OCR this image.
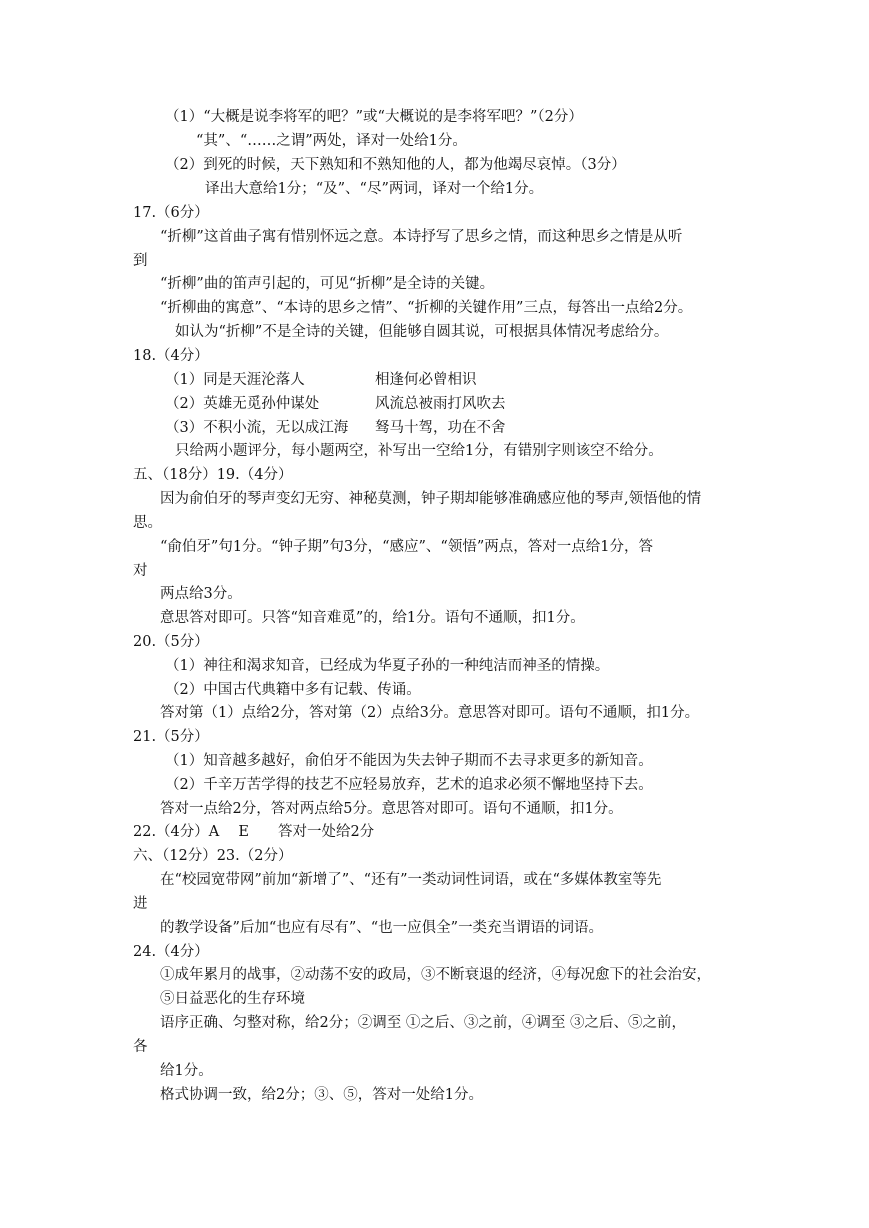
（1）“大概是说李将军的吧？”或“大概说的是李将军吧？”（2分）
“其”、“……之谓”两处，译对一处给1分。
（2）到死的时候，天下熟知和不熟知他的人，都为他竭尽哀悼。（3分）
译出大意给1分；“及”、“尽”两词，译对一个给1分。
17.（6分）
“折柳”这首曲子寓有惜别怀远之意。本诗抒写了思乡之情，而这种思乡之情是从听
到
“折柳”曲的笛声引起的，可见“折柳”是全诗的关键。
“折柳曲的寓意”、“本诗的思乡之情”、“折柳的关键作用”三点，每答出一点给2分。
如认为“折柳”不是全诗的关键，但能够自圆其说，可根据具体情况考虑给分。
18.（4分）
（1）同是天涯沦落人	相逢何必曾相识
（2）英雄无觅孙仲谋处	风流总被雨打风吹去
（3）不积小流，无以成江海 驽马十驾，功在不舍
只给两小题评分，每小题两空，补写出一空给1分，有错别字则该空不给分。
五、（18分）19.（4分）
因为俞伯牙的琴声变幻无穷、神秘莫测，钟子期却能够准确感应他的琴声,领悟他的情
思。
“俞伯牙”句1分。“钟子期”句3分，“感应”、“领悟”两点，答对一点给1分，答
对
两点给3分。
意思答对即可。只答“知音难觅”的，给1分。语句不通顺，扣1分。
20.（5分）
（1）神往和渴求知音，已经成为华夏子孙的一种纯洁而神圣的情操。
（2）中国古代典籍中多有记载、传诵。
答对第（1）点给2分，答对第（2）点给3分。意思答对即可。语句不通顺，扣1分。
21.（5分）
（1）知音越多越好，俞伯牙不能因为失去钟子期而不去寻求更多的新知音。
（2）千辛万苦学得的技艺不应轻易放弃，艺术的追求必须不懈地坚持下去。
答对一点给2分，答对两点给5分。意思答对即可。语句不通顺，扣1分。
22.（4分）A　 E　　答对一处给2分
六、（12分）23.（2分）
在“校园宽带网”前加“新增了”、“还有”一类动词性词语，或在“多媒体教室等先
进
的教学设备”后加“也应有尽有”、“也一应俱全”一类充当谓语的词语。
24.（4分）
①成年累月的战事，②动荡不安的政局，③不断衰退的经济，④每况愈下的社会治安，
⑤日益恶化的生存环境
语序正确、匀整对称，给2分；②调至 ①之后、③之前，④调至 ③之后、⑤之前，
各
给1分。
格式协调一致，给2分；③、⑤，答对一处给1分。
